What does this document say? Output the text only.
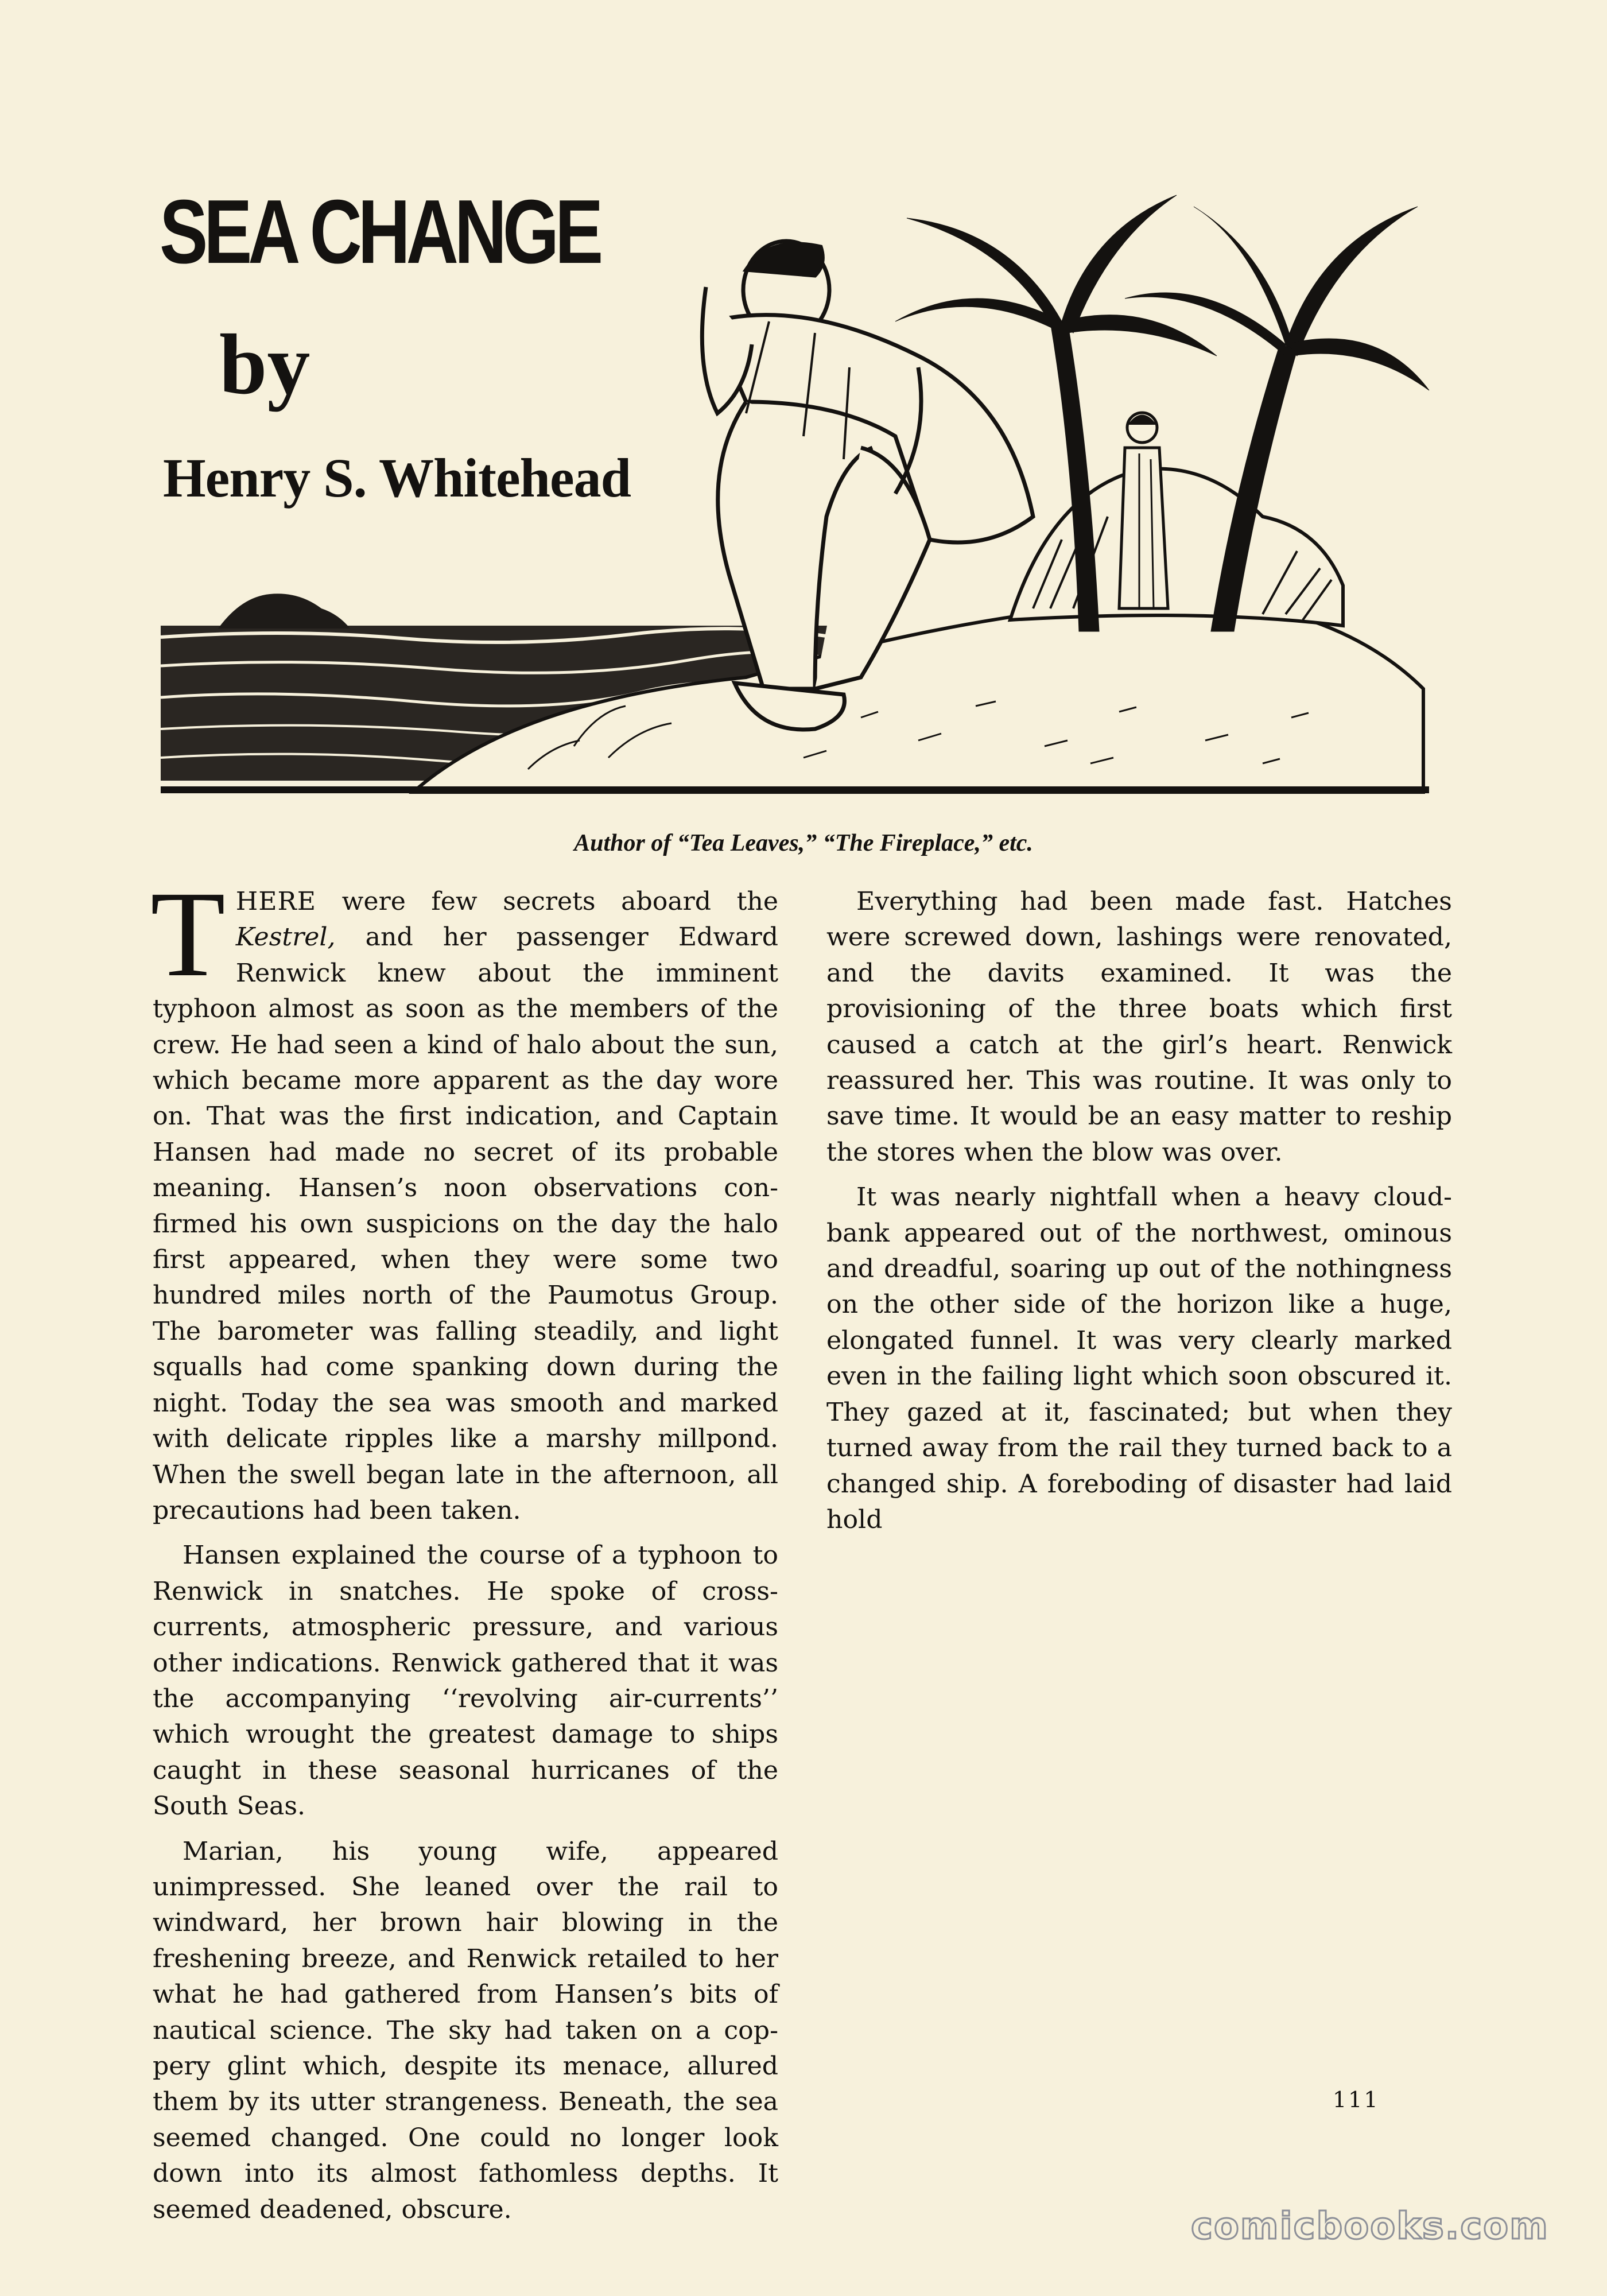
SEA CHANGE
by
Henry S. Whitehead
Author of “Tea Leaves,” “The Fireplace,” etc.

THERE were few secrets aboard the Kestrel, and her passenger Edward Renwick knew about the imminent typhoon almost as soon as the members of the crew. He had seen a kind of halo about the sun, which became more apparent as the day wore on. That was the first indication, and Captain Hansen had made no secret of its probable meaning. Hansen’s noon observations confirmed his own suspicions on the day the halo first appeared, when they were some two hundred miles north of the Paumotus Group. The barometer was falling steadily, and light squalls had come spanking down during the night. Today the sea was smooth and marked with delicate ripples like a marshy millpond. When the swell began late in the afternoon, all precautions had been taken.

Hansen explained the course of a typhoon to Renwick in snatches. He spoke of cross-currents, atmospheric pressure, and various other indications. Renwick gathered that it was the accompanying ‘‘revolving air-currents’’ which wrought the greatest damage to ships caught in these seasonal hurricanes of the South Seas.

Marian, his young wife, appeared unimpressed. She leaned over the rail to windward, her brown hair blowing in the freshening breeze, and Renwick retailed to her what he had gathered from Hansen’s bits of nautical science. The sky had taken on a coppery glint which, despite its menace, allured them by its utter strangeness. Beneath, the sea seemed changed. One could no longer look down into its almost fathomless depths. It seemed deadened, obscure.

Everything had been made fast. Hatches were screwed down, lashings were renovated, and the davits examined. It was the provisioning of the three boats which first caused a catch at the girl’s heart. Renwick reassured her. This was routine. It was only to save time. It would be an easy matter to reship the stores when the blow was over.

It was nearly nightfall when a heavy cloud-bank appeared out of the northwest, ominous and dreadful, soaring up out of the nothingness on the other side of the horizon like a huge, elongated funnel. It was very clearly marked even in the failing light which soon obscured it. They gazed at it, fascinated; but when they turned away from the rail they turned back to a changed ship. A foreboding of disaster had laid hold

111
comicbooks.com
